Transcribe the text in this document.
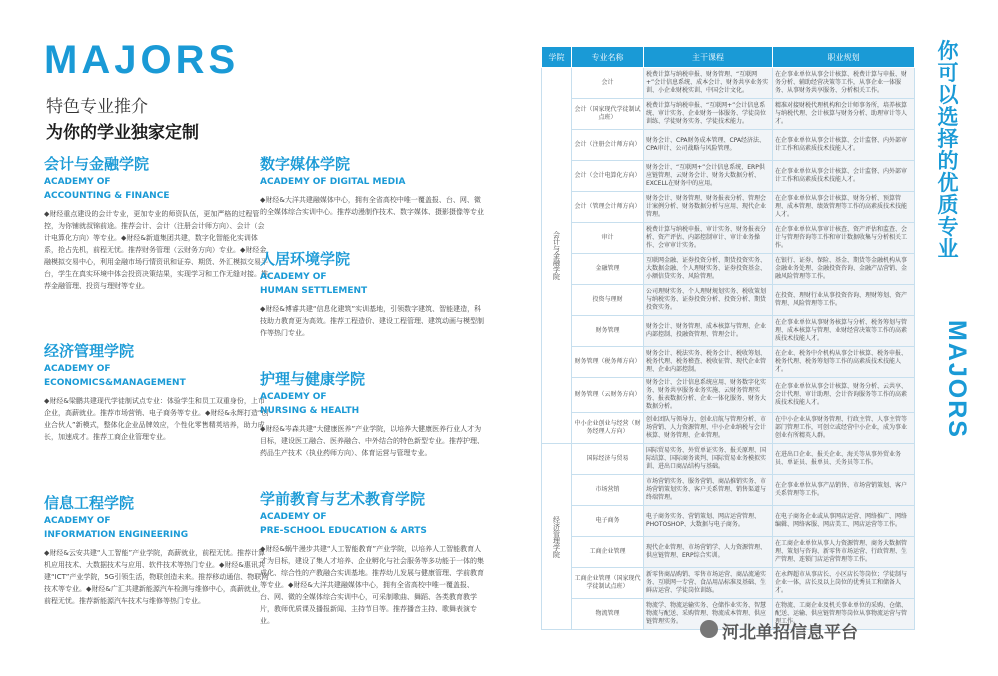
MAJORS
特色专业推介
为你的学业独家定制
会计与金融学院
ACADEMY OF
ACCOUNTING & FINANCE
◆财经重点建设的会计专业，更加专业的师资队伍，更加严格的过程管控，为你铺就叔锦前途。推荐会计、会计（注册会计师方向）、会计（会计电算化方向）等专业。◆财经&新道集团共建，数字化智能化实训体系，抢占先机，前程无忧。推荐财务管理（云财务方向）专业。◆财经金融模拟交易中心，利用金融市场行情资讯和证券、期货、外汇模拟交易平台，学生在真实环境中体会投资决策结果，实现学习和工作无缝对接。推荐金融管理、投资与理财等专业。
经济管理学院
ACADEMY OF
ECONOMICS&MANAGEMENT
◆财经&梁鹏共建现代学徒制试点专业：体验学生和员工双重身份，上市企业，高薪就业。推荐市场营销、电子商务等专业。◆财经&永辉打造“创业合伙人”新模式，整体化企业品牌效应，个性化零售精英培养，助力成长，加速成才。推荐工商企业管理专业。
信息工程学院
ACADEMY OF
INFORMATION ENGINEERING
◆财经&云安共建“人工智能”产业学院，高薪就业，前程无忧。推荐计算机应用技术、大数据技术与应用、软件技术等热门专业。◆财经&惠讯共建“ICT”产业学院，5G引领生活，物联创造未来。推荐移动通信、物联网技术等专业。◆财经&广汇共建新能源汽车检测与维修中心，高薪就业，前程无忧。推荐新能源汽车技术与维修等热门专业。
数字媒体学院
ACADEMY OF DIGITAL MEDIA
◆财经&大洋共建融媒体中心，拥有全省高校中唯一覆盖报、台、网、微的全媒体综合实训中心。推荐动漫制作技术、数字媒体、摄影摄像等专业
人居环境学院
ACADEMY OF
HUMAN SETTLEMENT
◆财经&博睿共建“信息化建筑”实训基地，引领数字建筑、智能建造，科技助力教育更为高效。推荐工程造价、建设工程管理、建筑动画与模型制作等热门专业。
护理与健康学院
ACADEMY OF
NURSING & HEALTH
◆财经&岑森共建“大健康医养”产业学院，以培养大健康医养行业人才为目标，建设医工融合、医养融合、中外结合的特色新型专业。推荐护理、药品生产技术（执业药师方向）、体育运营与管理专业。
学前教育与艺术教育学院
ACADEMY OF
PRE-SCHOOL EDUCATION & ARTS
◆财经&蜗牛漫步共建“人工智能教育”产业学院，以培养人工智能教育人才为目标，建设了集人才培养、企业孵化与社会服务等多功能于一体的集成化、综合性的产教融合实训基地。推荐幼儿发展与健康管理、学前教育等专业。◆财经&大洋共建融媒体中心，拥有全省高校中唯一覆盖报、台、网、微的全媒体综合实训中心，可采制歌曲、舞蹈、各类教育教学片，教师优质课及播报新闻、主持节目等。推荐播音主持、歌舞表演专业。
学院	专业名称	主干课程	职业规划
会计与金融学院	会计	税费计算与纳税申报、财务管理、“互联网+”会计信息系统、成本会计、财务共享业务实训、小企业财税实训、中国会计文化。	在企事业单位从事会计核算、税费计算与申报、财务分析、辅助经营决策等工作，从事企业一体服务、从事财务共享服务、分析相关工作。
	会计（国家现代学徒制试点班）	税费计算与纳税申报、“互联网+”会计信息系统、审计实务、企业财务一体服务、学徒岗位训练、学徒财务实务、学徒技术能力。	精准对接财税代理机构和会计师事务所，培养核算与纳税代理、会计核算与财务分析、助理审计等人才。
	会计（注册会计师方向）	财务会计、CPA财务成本管理、CPA经济法、CPA审计、公司战略与风险管理。	在企事业单位从事会计核算、会计监督、内外部审计工作和高素质技术技能人才。
	会计（会计电算化方向）	财务会计、“互联网+”会计信息系统、ERP供应链管理、云财务会计、财务大数据分析、EXCELL在财务中的应用。	在企事业单位从事会计核算、会计监督、内外部审计工作和高素质技术技能人才。
	会计（管理会计师方向）	财务会计、财务管理、财务报表分析、管理会计案例分析、财务数据分析与应用、现代企业管理。	在企事业单位从事会计核算、财务分析、预算管理、成本管理、绩效管理等工作的高素质技术技能人才。
	审计	税费计算与纳税申报、审计实务、财务报表分析、资产评估、内部控制审计、审计业务操作、会审审计实务。	在企事业单位从事审计核查、资产评估和监查、会计与管理咨询等工作和审计数据收集与分析相关工作。
	金融管理	互联网金融、证券投资分析、期货投资实务、大数据金融、个人理财实务、证券投资基金、小额信贷实务、风险管理。	在银行、证券、保险、基金、期货等金融机构从事金融业务处理、金融投资咨询、金融产品营销、金融风险管理等工作。
	投资与理财	公司理财实务、个人理财规划实务、税收策划与纳税实务、证券投资分析、投资分析、期货投资实务。	在投资、理财行业从事投资咨询、理财筹划、资产管理、风险管理等工作。
	财务管理	财务会计、财务管理、成本核算与管理、企业内部控制、投融资管理、管理会计。	在企事业单位从事财务核算与分析、税务筹划与管理、成本核算与管理、业财经营决策等工作的高素质技术技能人才。
	财务管理（税务师方向）	财务会计、税法实务、税务会计、税收筹划、税务代理、税务稽查、税收征管、现代企业管理、企业内部控制。	在企业、税务中介机构从事会计核算、税务申报、税务代理、税务筹划等工作的高素质技术技能人才。
	财务管理（云财务方向）	财务会计、会计信息系统应用、财务数字化实务、财务共享服务业务实施、云财务管理实务、报表数据分析、企业一体化服务、财务大数据分析。	在企事业单位从事会计核算、财务分析、云共享、会计代理、审计助理、会计咨询服务等工作的高素质技术技能人才。
	中小企业创业与经营（财务经理人方向）	创业团队与领导力、创业启航与管理分析、市场营销、人力资源管理、中小企业纳税与会计核算、财务管理、企业管理。	在中小企业从事财务管理、行政主管、人事主管等部门管理工作，可创立或经营中小企业，成为事业创业有所精英人群。
经济管理学院	国际经济与贸易	国际贸易实务、外贸单证实务、报关原理、国际结算、国际商务谈判、国际贸易业务模拟实训、进出口商品结构与基础。	在进出口企业、报关企业、海关等从事外贸业务员、单证员、报单员、关务员等工作。
	市场营销	市场营销实务、服务营销、商品推销实务、市场营销策划实务、客户关系管理、销售渠道与终端管理。	在企事业单位从事产品销售、市场营销策划、客户关系管理等工作。
	电子商务	电子商务实务、营销策划、网店运营管理、PHOTOSHOP、大数据与电子商务。	在电子商务企业或从事网店运营、网络推广、网络编辑、网络客服、网店美工、网店运营等工作。
	工商企业管理	现代企业管理、市场营销学、人力资源管理、供应链管理、ERP综合实训。	在工商企业单位从事人力资源管理、商务大数据管理、策划与咨询、新零售市场运营、行政管理、生产管理、连锁门店运营管理等工作。
	工商企业管理（国家现代学徒制试点班）	新零售商品购销、零售市场运营、商品流通实务、互联网一专营、食品用品标准及基础、生鲜店运营、学徒岗位训练。	在永辉超市从事店长、小区店长等岗位；学徒制与企业一体，店长及以上岗位的优秀员工和储备人才。
	物流管理	物流学、物流运输实务、仓储作业实务、智慧物流与配送、采购管理、物流成本管理、供应链管理实务。	在物流、工商企业及机关事业单位的采购、仓储、配送、运输、供应链管理等岗位从事物流运营与管理工作。
你可以选择的优质专业
MAJORS
河北单招信息平台
